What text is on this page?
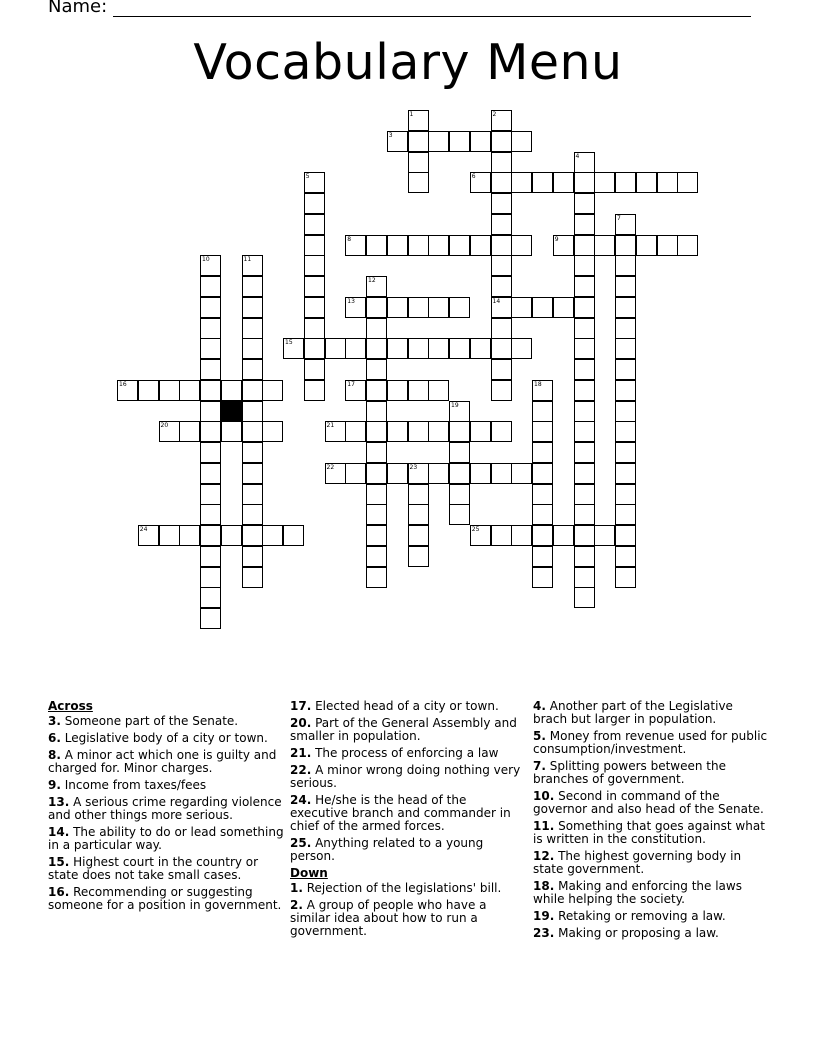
Name:
Vocabulary Menu
3
6
8	9
13	14
15
16	17
20	21
22	23
24	25
1	2
4
5
7
10	11
12
18
19
Across
3. Someone part of the Senate.
6. Legislative body of a city or town.
8. A minor act which one is guilty and charged for. Minor charges.
9. Income from taxes/fees
13. A serious crime regarding violence and other things more serious.
14. The ability to do or lead something in a particular way.
15. Highest court in the country or state does not take small cases.
16. Recommending or suggesting someone for a position in government.
17. Elected head of a city or town.
20. Part of the General Assembly and smaller in population.
21. The process of enforcing a law
22. A minor wrong doing nothing very serious.
24. He/she is the head of the executive branch and commander in chief of the armed forces.
25. Anything related to a young person.
Down
1. Rejection of the legislations' bill.
2. A group of people who have a similar idea about how to run a government.
4. Another part of the Legislative brach but larger in population.
5. Money from revenue used for public consumption/investment.
7. Splitting powers between the branches of government.
10. Second in command of the governor and also head of the Senate.
11. Something that goes against what is written in the constitution.
12. The highest governing body in state government.
18. Making and enforcing the laws while helping the society.
19. Retaking or removing a law.
23. Making or proposing a law.
